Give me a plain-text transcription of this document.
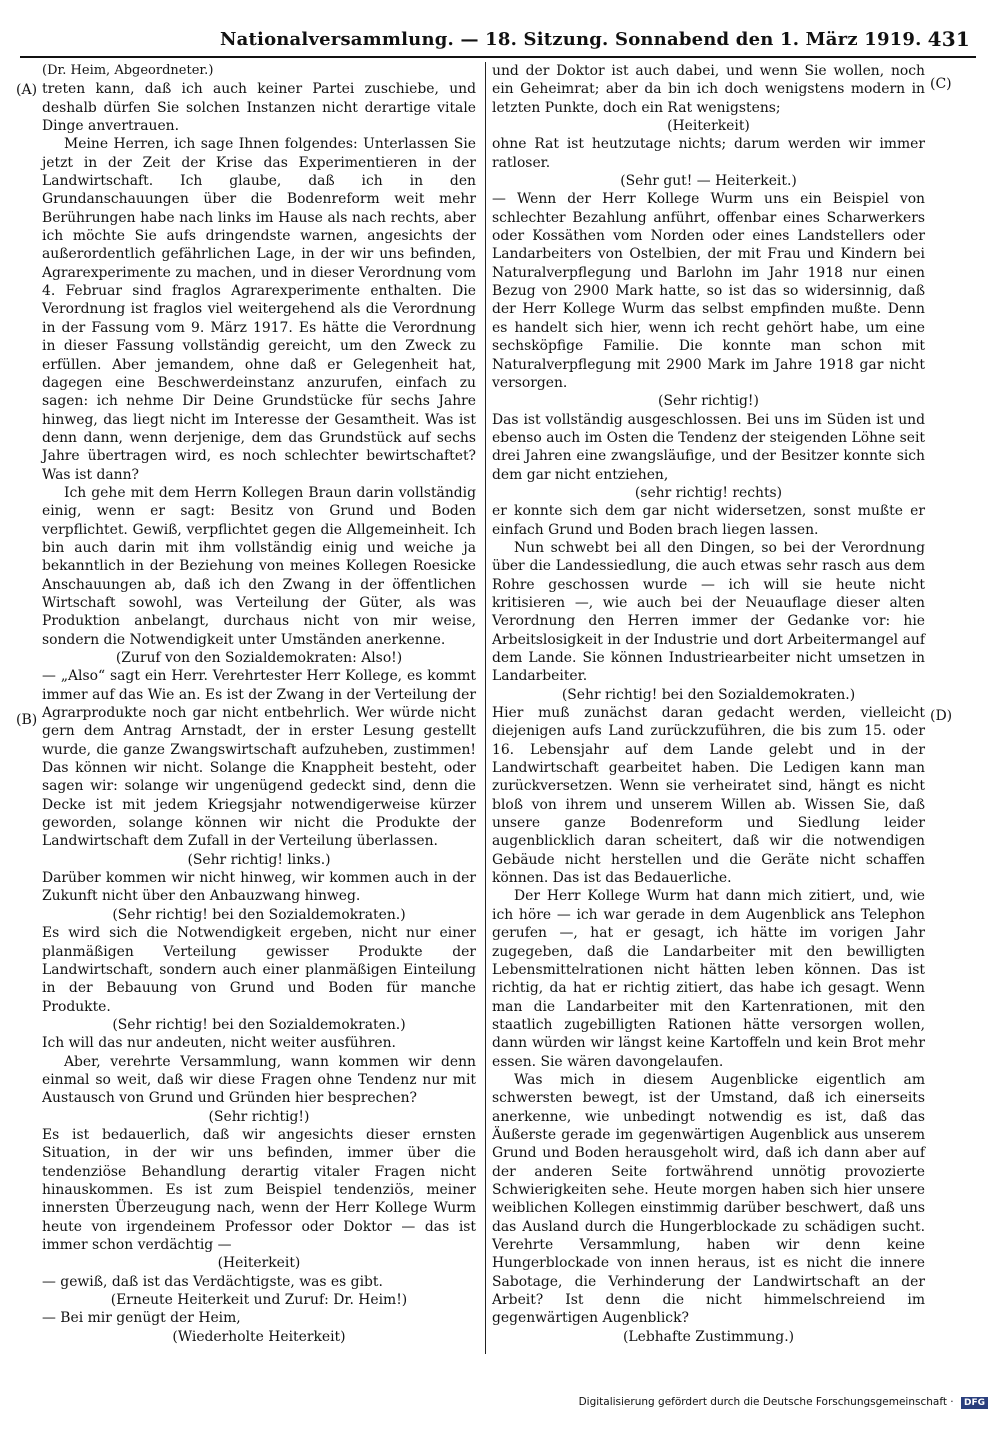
Nationalversammlung. — 18. Sitzung. Sonnabend den 1. März 1919. 431
(A)
(B)
(C)
(D)

(Dr. Heim, Abgeordneter.)

treten kann, daß ich auch keiner Partei zuschiebe, und deshalb dürfen Sie solchen Instanzen nicht derartige vitale Dinge anvertrauen.

Meine Herren, ich sage Ihnen folgendes: Unterlassen Sie jetzt in der Zeit der Krise das Experimentieren in der Landwirtschaft. Ich glaube, daß ich in den Grundanschauungen über die Bodenreform weit mehr Berührungen habe nach links im Hause als nach rechts, aber ich möchte Sie aufs dringendste warnen, angesichts der außerordentlich gefährlichen Lage, in der wir uns befinden, Agrarexperimente zu machen, und in dieser Verordnung vom 4. Februar sind fraglos Agrarexperimente enthalten. Die Verordnung ist fraglos viel weitergehend als die Verordnung in der Fassung vom 9. März 1917. Es hätte die Verordnung in dieser Fassung vollständig gereicht, um den Zweck zu erfüllen. Aber jemandem, ohne daß er Gelegenheit hat, dagegen eine Beschwerdeinstanz anzurufen, einfach zu sagen: ich nehme Dir Deine Grundstücke für sechs Jahre hinweg, das liegt nicht im Interesse der Gesamtheit. Was ist denn dann, wenn derjenige, dem das Grundstück auf sechs Jahre übertragen wird, es noch schlechter bewirtschaftet? Was ist dann?

Ich gehe mit dem Herrn Kollegen Braun darin vollständig einig, wenn er sagt: Besitz von Grund und Boden verpflichtet. Gewiß, verpflichtet gegen die Allgemeinheit. Ich bin auch darin mit ihm vollständig einig und weiche ja bekanntlich in der Beziehung von meines Kollegen Roesicke Anschauungen ab, daß ich den Zwang in der öffentlichen Wirtschaft sowohl, was Verteilung der Güter, als was Produktion anbelangt, durchaus nicht von mir weise, sondern die Notwendigkeit unter Umständen anerkenne.

(Zuruf von den Sozialdemokraten: Also!)

— „Also“ sagt ein Herr. Verehrtester Herr Kollege, es kommt immer auf das Wie an. Es ist der Zwang in der Verteilung der Agrarprodukte noch gar nicht entbehrlich. Wer würde nicht gern dem Antrag Arnstadt, der in erster Lesung gestellt wurde, die ganze Zwangswirtschaft aufzuheben, zustimmen! Das können wir nicht. Solange die Knappheit besteht, oder sagen wir: solange wir ungenügend gedeckt sind, denn die Decke ist mit jedem Kriegsjahr notwendigerweise kürzer geworden, solange können wir nicht die Produkte der Landwirtschaft dem Zufall in der Verteilung überlassen.

(Sehr richtig! links.)

Darüber kommen wir nicht hinweg, wir kommen auch in der Zukunft nicht über den Anbauzwang hinweg.

(Sehr richtig! bei den Sozialdemokraten.)

Es wird sich die Notwendigkeit ergeben, nicht nur einer planmäßigen Verteilung gewisser Produkte der Landwirtschaft, sondern auch einer planmäßigen Einteilung in der Bebauung von Grund und Boden für manche Produkte.

(Sehr richtig! bei den Sozialdemokraten.)

Ich will das nur andeuten, nicht weiter ausführen.

Aber, verehrte Versammlung, wann kommen wir denn einmal so weit, daß wir diese Fragen ohne Tendenz nur mit Austausch von Grund und Gründen hier besprechen?

(Sehr richtig!)

Es ist bedauerlich, daß wir angesichts dieser ernsten Situation, in der wir uns befinden, immer über die tendenziöse Behandlung derartig vitaler Fragen nicht hinauskommen. Es ist zum Beispiel tendenziös, meiner innersten Überzeugung nach, wenn der Herr Kollege Wurm heute von irgendeinem Professor oder Doktor — das ist immer schon verdächtig —

(Heiterkeit)

— gewiß, daß ist das Verdächtigste, was es gibt.

(Erneute Heiterkeit und Zuruf: Dr. Heim!)

— Bei mir genügt der Heim,

(Wiederholte Heiterkeit)

und der Doktor ist auch dabei, und wenn Sie wollen, noch ein Geheimrat; aber da bin ich doch wenigstens modern in letzten Punkte, doch ein Rat wenigstens;

(Heiterkeit)

ohne Rat ist heutzutage nichts; darum werden wir immer ratloser.

(Sehr gut! — Heiterkeit.)

— Wenn der Herr Kollege Wurm uns ein Beispiel von schlechter Bezahlung anführt, offenbar eines Scharwerkers oder Kossäthen vom Norden oder eines Landstellers oder Landarbeiters von Ostelbien, der mit Frau und Kindern bei Naturalverpflegung und Barlohn im Jahr 1918 nur einen Bezug von 2900 Mark hatte, so ist das so widersinnig, daß der Herr Kollege Wurm das selbst empfinden mußte. Denn es handelt sich hier, wenn ich recht gehört habe, um eine sechsköpfige Familie. Die konnte man schon mit Naturalverpflegung mit 2900 Mark im Jahre 1918 gar nicht versorgen.

(Sehr richtig!)

Das ist vollständig ausgeschlossen. Bei uns im Süden ist und ebenso auch im Osten die Tendenz der steigenden Löhne seit drei Jahren eine zwangsläufige, und der Besitzer konnte sich dem gar nicht entziehen,

(sehr richtig! rechts)

er konnte sich dem gar nicht widersetzen, sonst mußte er einfach Grund und Boden brach liegen lassen.

Nun schwebt bei all den Dingen, so bei der Verordnung über die Landessiedlung, die auch etwas sehr rasch aus dem Rohre geschossen wurde — ich will sie heute nicht kritisieren —, wie auch bei der Neuauflage dieser alten Verordnung den Herren immer der Gedanke vor: hie Arbeitslosigkeit in der Industrie und dort Arbeitermangel auf dem Lande. Sie können Industriearbeiter nicht umsetzen in Landarbeiter.

(Sehr richtig! bei den Sozialdemokraten.)

Hier muß zunächst daran gedacht werden, vielleicht diejenigen aufs Land zurückzuführen, die bis zum 15. oder 16. Lebensjahr auf dem Lande gelebt und in der Landwirtschaft gearbeitet haben. Die Ledigen kann man zurückversetzen. Wenn sie verheiratet sind, hängt es nicht bloß von ihrem und unserem Willen ab. Wissen Sie, daß unsere ganze Bodenreform und Siedlung leider augenblicklich daran scheitert, daß wir die notwendigen Gebäude nicht herstellen und die Geräte nicht schaffen können. Das ist das Bedauerliche.

Der Herr Kollege Wurm hat dann mich zitiert, und, wie ich höre — ich war gerade in dem Augenblick ans Telephon gerufen —, hat er gesagt, ich hätte im vorigen Jahr zugegeben, daß die Landarbeiter mit den bewilligten Lebensmittelrationen nicht hätten leben können. Das ist richtig, da hat er richtig zitiert, das habe ich gesagt. Wenn man die Landarbeiter mit den Kartenrationen, mit den staatlich zugebilligten Rationen hätte versorgen wollen, dann würden wir längst keine Kartoffeln und kein Brot mehr essen. Sie wären davongelaufen.

Was mich in diesem Augenblicke eigentlich am schwersten bewegt, ist der Umstand, daß ich einerseits anerkenne, wie unbedingt notwendig es ist, daß das Äußerste gerade im gegenwärtigen Augenblick aus unserem Grund und Boden herausgeholt wird, daß ich dann aber auf der anderen Seite fortwährend unnötig provozierte Schwierigkeiten sehe. Heute morgen haben sich hier unsere weiblichen Kollegen einstimmig darüber beschwert, daß uns das Ausland durch die Hungerblockade zu schädigen sucht. Verehrte Versammlung, haben wir denn keine Hungerblockade von innen heraus, ist es nicht die innere Sabotage, die Verhinderung der Landwirtschaft an der Arbeit? Ist denn die nicht himmelschreiend im gegenwärtigen Augenblick?

(Lebhafte Zustimmung.)

Digitalisierung gefördert durch die Deutsche Forschungsgemeinschaft · DFG
